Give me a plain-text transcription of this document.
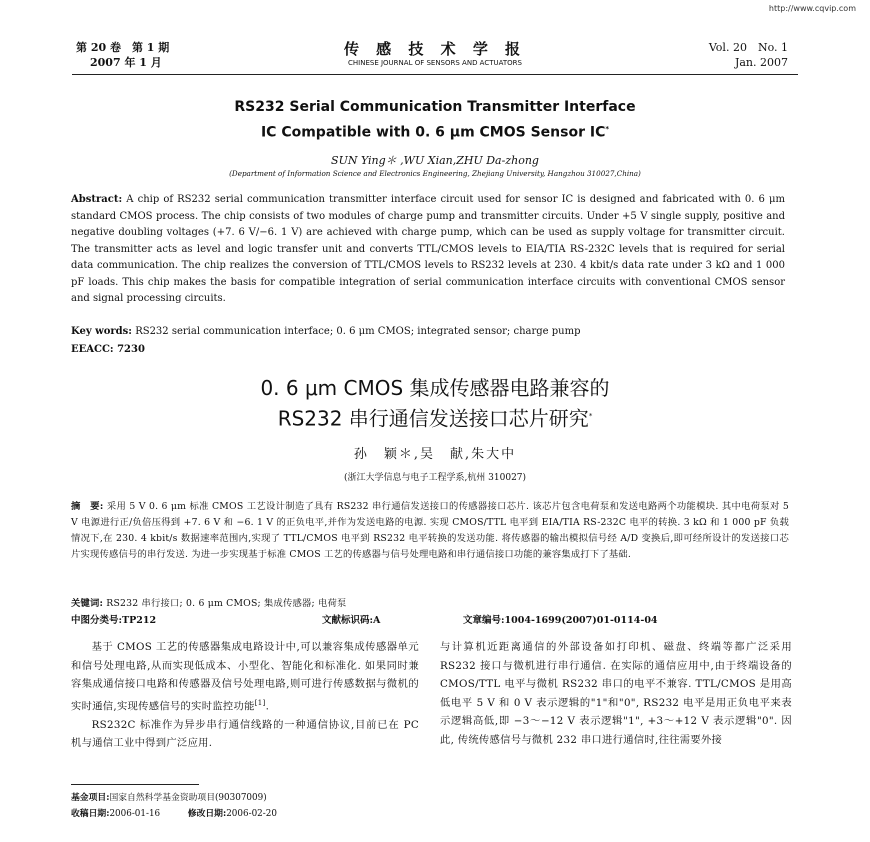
http://www.cqvip.com
第 20 卷　第 1 期
2007 年 1 月
传 感 技 术 学 报
CHINESE JOURNAL OF SENSORS AND ACTUATORS
Vol. 20　No. 1
Jan. 2007
RS232 Serial Communication Transmitter Interface
IC Compatible with 0. 6 μm CMOS Sensor IC*
SUN Ying＊ ,WU Xian,ZHU Da-zhong
(Department of Information Science and Electronics Engineering, Zhejiang University, Hangzhou 310027,China)
Abstract: A chip of RS232 serial communication transmitter interface circuit used for sensor IC is designed and fabricated with 0. 6 μm standard CMOS process. The chip consists of two modules of charge pump and transmitter circuits. Under +5 V single supply, positive and negative doubling voltages (+7. 6 V/−6. 1 V) are achieved with charge pump, which can be used as supply voltage for transmitter circuit. The transmitter acts as level and logic transfer unit and converts TTL/CMOS levels to EIA/TIA RS-232C levels that is required for serial data communication. The chip realizes the conversion of TTL/CMOS levels to RS232 levels at 230. 4 kbit/s data rate under 3 kΩ and 1 000 pF loads. This chip makes the basis for compatible integration of serial communication interface circuits with conventional CMOS sensor and signal processing circuits.
Key words: RS232 serial communication interface; 0. 6 μm CMOS; integrated sensor; charge pump
EEACC: 7230
0. 6 μm CMOS 集成传感器电路兼容的
RS232 串行通信发送接口芯片研究*
孙　颖＊,吴　献,朱大中
(浙江大学信息与电子工程学系,杭州 310027)
摘　要: 采用 5 V 0. 6 μm 标准 CMOS 工艺设计制造了具有 RS232 串行通信发送接口的传感器接口芯片. 该芯片包含电荷泵和发送电路两个功能模块. 其中电荷泵对 5 V 电源进行正/负倍压得到 +7. 6 V 和 −6. 1 V 的正负电平,并作为发送电路的电源. 实现 CMOS/TTL 电平到 EIA/TIA RS-232C 电平的转换. 3 kΩ 和 1 000 pF 负载情况下,在 230. 4 kbit/s 数据速率范围内,实现了 TTL/CMOS 电平到 RS232 电平转换的发送功能. 将传感器的输出模拟信号经 A/D 变换后,即可经所设计的发送接口芯片实现传感信号的串行发送. 为进一步实现基于标准 CMOS 工艺的传感器与信号处理电路和串行通信接口功能的兼容集成打下了基础.
关键词: RS232 串行接口; 0. 6 μm CMOS; 集成传感器; 电荷泵
中图分类号:TP212	文献标识码:A	文章编号:1004-1699(2007)01-0114-04
基于 CMOS 工艺的传感器集成电路设计中,可以兼容集成传感器单元和信号处理电路,从而实现低成本、小型化、智能化和标准化. 如果同时兼容集成通信接口电路和传感器及信号处理电路,则可进行传感数据与微机的实时通信,实现传感信号的实时监控功能[1].
RS232C 标准作为异步串行通信线路的一种通信协议,目前已在 PC 机与通信工业中得到广泛应用.
与计算机近距离通信的外部设备如打印机、磁盘、终端等都广泛采用 RS232 接口与微机进行串行通信. 在实际的通信应用中,由于终端设备的 CMOS/TTL 电平与微机 RS232 串口的电平不兼容. TTL/CMOS 是用高低电平 5 V 和 0 V 表示逻辑的"1"和"0", RS232 电平是用正负电平来表示逻辑高低,即 −3～−12 V 表示逻辑"1", +3～+12 V 表示逻辑"0". 因此, 传统传感信号与微机 232 串口进行通信时,往往需要外接
基金项目:国家自然科学基金资助项目(90307009)
收稿日期:2006-01-16	修改日期:2006-02-20
